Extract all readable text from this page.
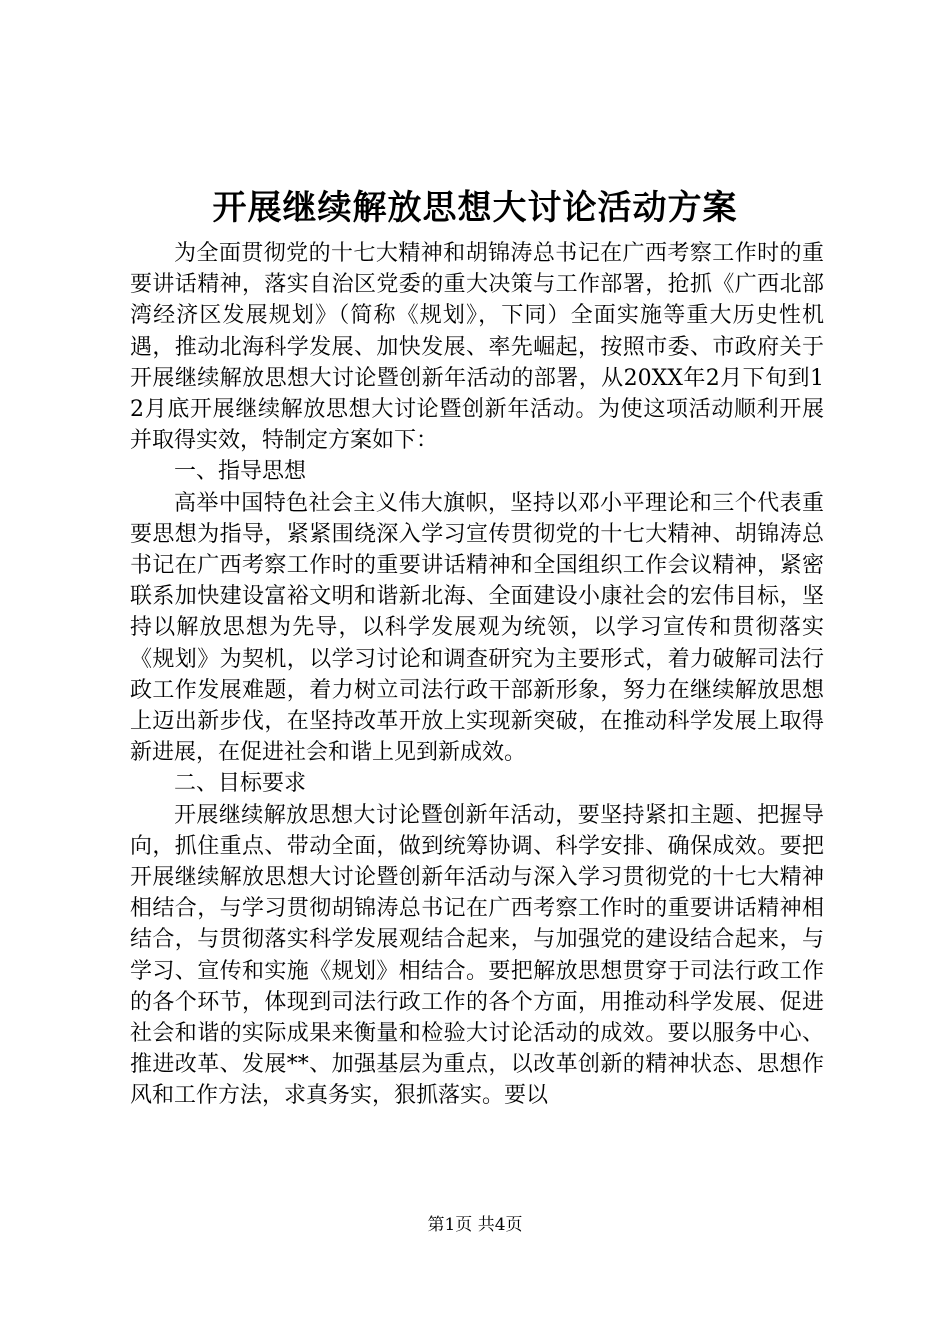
开展继续解放思想大讨论活动方案

为全面贯彻党的十七大精神和胡锦涛总书记在广西考察工作时的重要讲话精神，落实自治区党委的重大决策与工作部署，抢抓《广西北部湾经济区发展规划》（简称《规划》，下同）全面实施等重大历史性机遇，推动北海科学发展、加快发展、率先崛起，按照市委、市政府关于开展继续解放思想大讨论暨创新年活动的部署，从20XX年2月下旬到12月底开展继续解放思想大讨论暨创新年活动。为使这项活动顺利开展并取得实效，特制定方案如下：

一、指导思想

高举中国特色社会主义伟大旗帜，坚持以邓小平理论和三个代表重要思想为指导，紧紧围绕深入学习宣传贯彻党的十七大精神、胡锦涛总书记在广西考察工作时的重要讲话精神和全国组织工作会议精神，紧密联系加快建设富裕文明和谐新北海、全面建设小康社会的宏伟目标，坚持以解放思想为先导，以科学发展观为统领，以学习宣传和贯彻落实《规划》为契机，以学习讨论和调查研究为主要形式，着力破解司法行政工作发展难题，着力树立司法行政干部新形象，努力在继续解放思想上迈出新步伐，在坚持改革开放上实现新突破，在推动科学发展上取得新进展，在促进社会和谐上见到新成效。

二、目标要求

开展继续解放思想大讨论暨创新年活动，要坚持紧扣主题、把握导向，抓住重点、带动全面，做到统筹协调、科学安排、确保成效。要把开展继续解放思想大讨论暨创新年活动与深入学习贯彻党的十七大精神相结合，与学习贯彻胡锦涛总书记在广西考察工作时的重要讲话精神相结合，与贯彻落实科学发展观结合起来，与加强党的建设结合起来，与学习、宣传和实施《规划》相结合。要把解放思想贯穿于司法行政工作的各个环节，体现到司法行政工作的各个方面，用推动科学发展、促进社会和谐的实际成果来衡量和检验大讨论活动的成效。要以服务中心、推进改革、发展**、加强基层为重点，以改革创新的精神状态、思想作风和工作方法，求真务实，狠抓落实。要以

第1页 共4页
